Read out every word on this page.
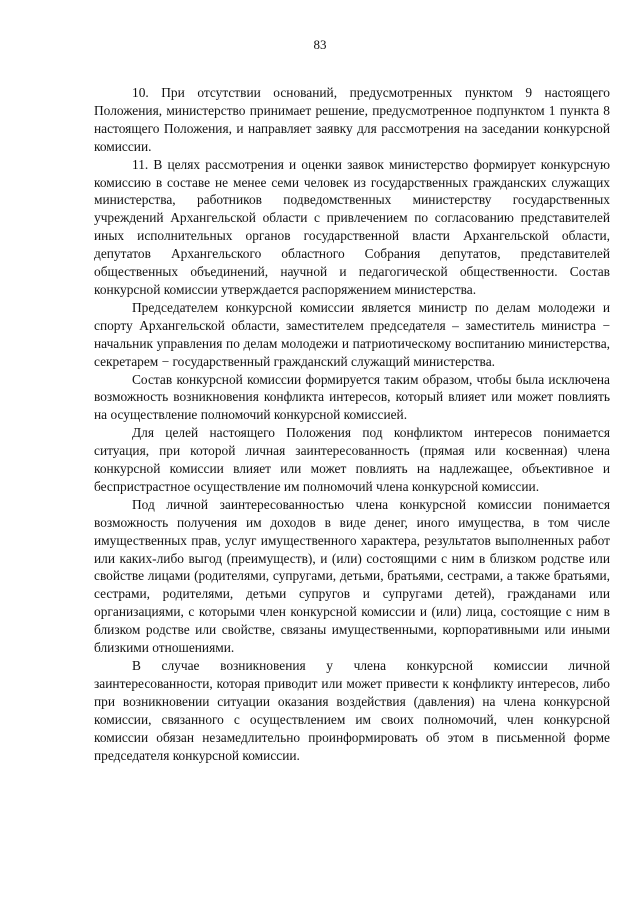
83

10. При отсутствии оснований, предусмотренных пунктом 9 настоящего Положения, министерство принимает решение, предусмотренное подпунктом 1 пункта 8 настоящего Положения, и направляет заявку для рассмотрения на заседании конкурсной комиссии.

11. В целях рассмотрения и оценки заявок министерство формирует конкурсную комиссию в составе не менее семи человек из государственных гражданских служащих министерства, работников подведомственных министерству государственных учреждений Архангельской области с привлечением по согласованию представителей иных исполнительных органов государственной власти Архангельской области, депутатов Архангельского областного Собрания депутатов, представителей общественных объединений, научной и педагогической общественности. Состав конкурсной комиссии утверждается распоряжением министерства.

Председателем конкурсной комиссии является министр по делам молодежи и спорту Архангельской области, заместителем председателя – заместитель министра − начальник управления по делам молодежи и патриотическому воспитанию министерства, секретарем − государственный гражданский служащий министерства.

Состав конкурсной комиссии формируется таким образом, чтобы была исключена возможность возникновения конфликта интересов, который влияет или может повлиять на осуществление полномочий конкурсной комиссией.

Для целей настоящего Положения под конфликтом интересов понимается ситуация, при которой личная заинтересованность (прямая или косвенная) члена конкурсной комиссии влияет или может повлиять на надлежащее, объективное и беспристрастное осуществление им полномочий члена конкурсной комиссии.

Под личной заинтересованностью члена конкурсной комиссии понимается возможность получения им доходов в виде денег, иного имущества, в том числе имущественных прав, услуг имущественного характера, результатов выполненных работ или каких-либо выгод (преимуществ), и (или) состоящими с ним в близком родстве или свойстве лицами (родителями, супругами, детьми, братьями, сестрами, а также братьями, сестрами, родителями, детьми супругов и супругами детей), гражданами или организациями, с которыми член конкурсной комиссии и (или) лица, состоящие с ним в близком родстве или свойстве, связаны имущественными, корпоративными или иными близкими отношениями.

В случае возникновения у члена конкурсной комиссии личной заинтересованности, которая приводит или может привести к конфликту интересов, либо при возникновении ситуации оказания воздействия (давления) на члена конкурсной комиссии, связанного с осуществлением им своих полномочий, член конкурсной комиссии обязан незамедлительно проинформировать об этом в письменной форме председателя конкурсной комиссии.
